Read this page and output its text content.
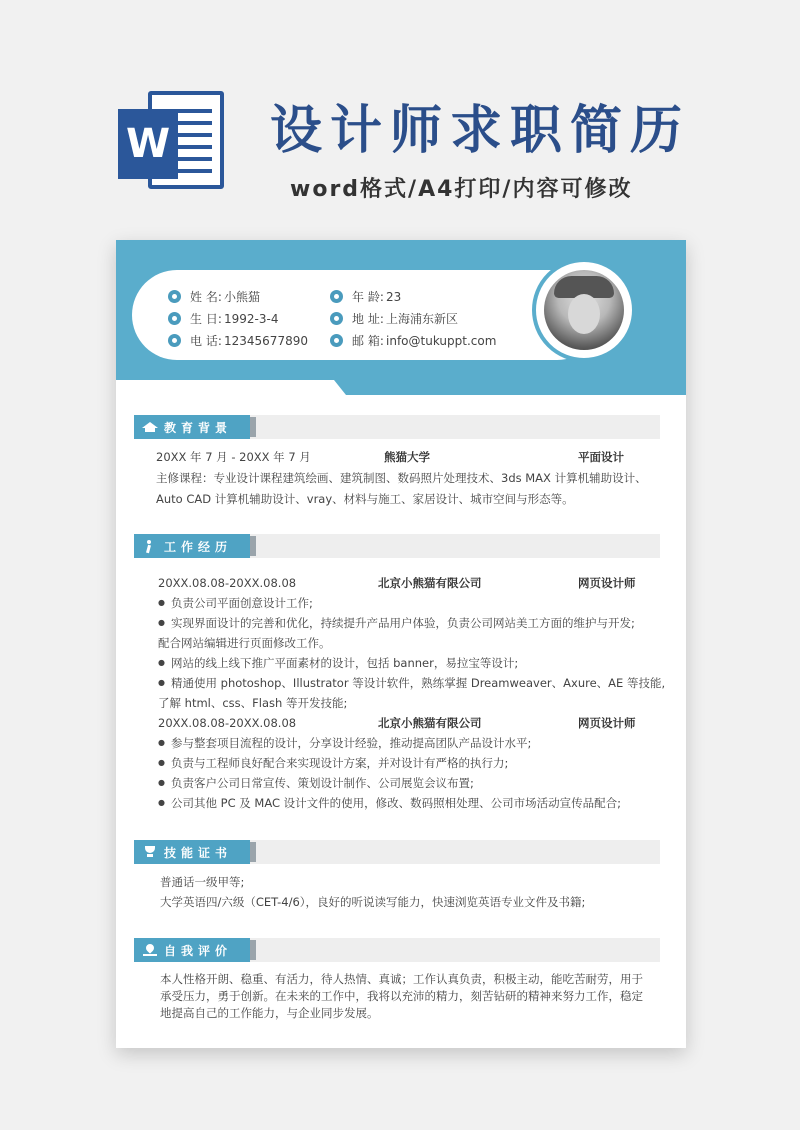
W 设计师求职简历
word格式/A4打印/内容可修改
姓 名: 小熊猫
生 日: 1992-3-4
电 话: 12345677890
年 龄: 23
地 址: 上海浦东新区
邮 箱: info@tukuppt.com
教育背景
20XX 年 7 月 - 20XX 年 7 月	熊猫大学	平面设计
主修课程：专业设计课程建筑绘画、建筑制图、数码照片处理技术、3ds MAX 计算机辅助设计、
Auto CAD 计算机辅助设计、vray、材料与施工、家居设计、城市空间与形态等。
工作经历
20XX.08.08-20XX.08.08	北京小熊猫有限公司	网页设计师
● 负责公司平面创意设计工作;
● 实现界面设计的完善和优化，持续提升产品用户体验，负责公司网站美工方面的维护与开发;
配合网站编辑进行页面修改工作。
● 网站的线上线下推广平面素材的设计，包括 banner，易拉宝等设计;
● 精通使用 photoshop、Illustrator 等设计软件，熟练掌握 Dreamweaver、Axure、AE 等技能,
了解 html、css、Flash 等开发技能;
20XX.08.08-20XX.08.08	北京小熊猫有限公司	网页设计师
● 参与整套项目流程的设计，分享设计经验，推动提高团队产品设计水平;
● 负责与工程师良好配合来实现设计方案，并对设计有严格的执行力;
● 负责客户公司日常宣传、策划设计制作、公司展览会议布置;
● 公司其他 PC 及 MAC 设计文件的使用，修改、数码照相处理、公司市场活动宣传品配合;
技能证书
普通话一级甲等;
大学英语四/六级（CET-4/6），良好的听说读写能力，快速浏览英语专业文件及书籍;
自我评价
本人性格开朗、稳重、有活力，待人热情、真诚；工作认真负责，积极主动，能吃苦耐劳，用于
承受压力，勇于创新。在未来的工作中，我将以充沛的精力，刻苦钻研的精神来努力工作，稳定
地提高自己的工作能力，与企业同步发展。
